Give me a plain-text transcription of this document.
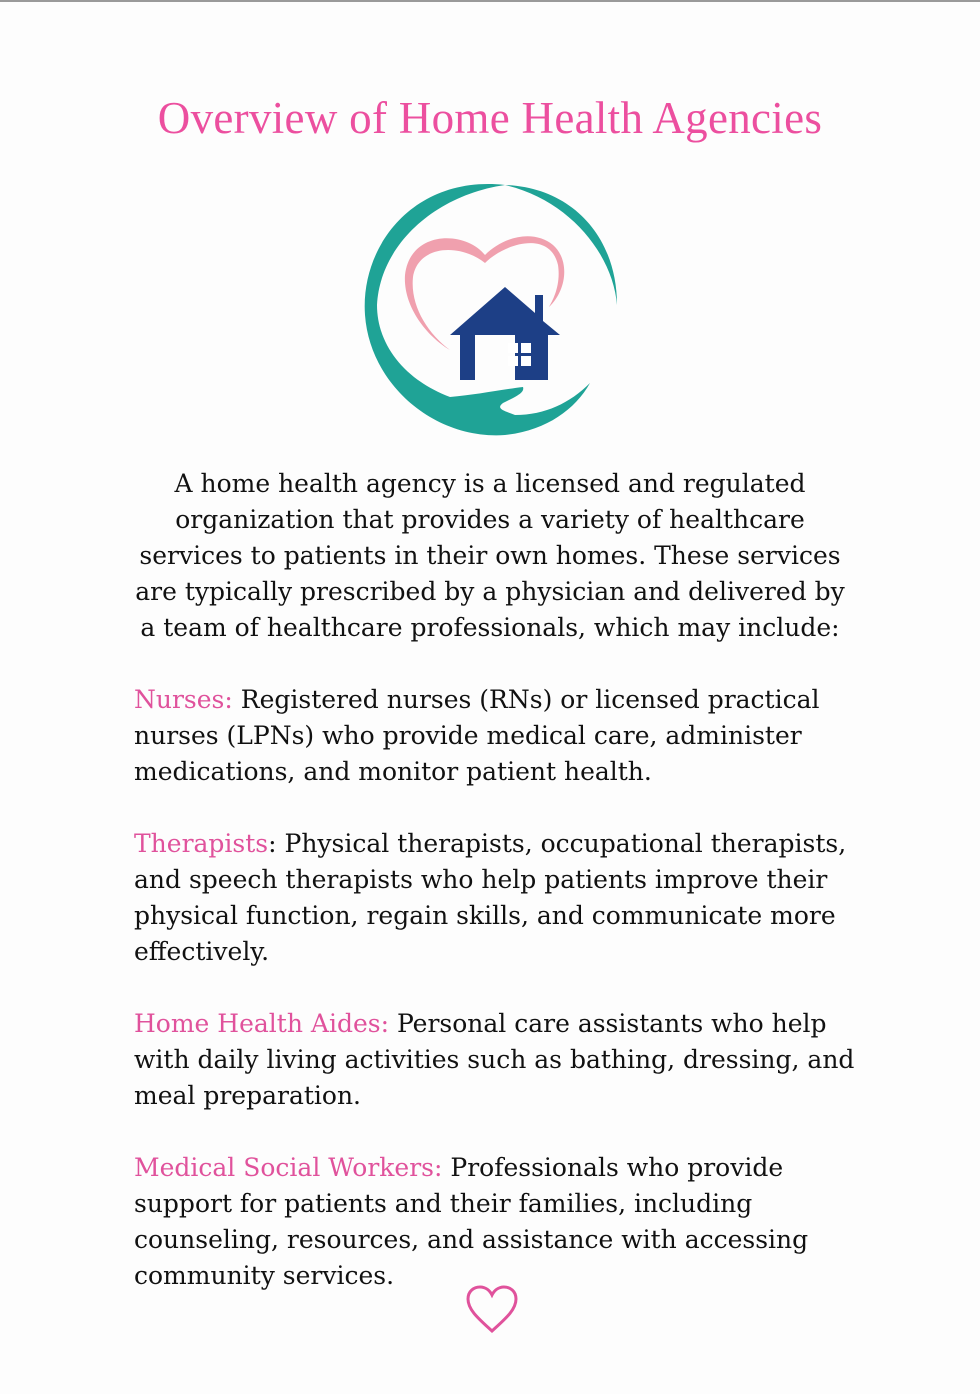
Overview of Home Health Agencies
A home health agency is a licensed and regulated
organization that provides a variety of healthcare
services to patients in their own homes. These services
are typically prescribed by a physician and delivered by
a team of healthcare professionals, which may include:
Nurses: Registered nurses (RNs) or licensed practical
nurses (LPNs) who provide medical care, administer
medications, and monitor patient health.
Therapists: Physical therapists, occupational therapists,
and speech therapists who help patients improve their
physical function, regain skills, and communicate more
effectively.
Home Health Aides: Personal care assistants who help
with daily living activities such as bathing, dressing, and
meal preparation.
Medical Social Workers: Professionals who provide
support for patients and their families, including
counseling, resources, and assistance with accessing
community services.
